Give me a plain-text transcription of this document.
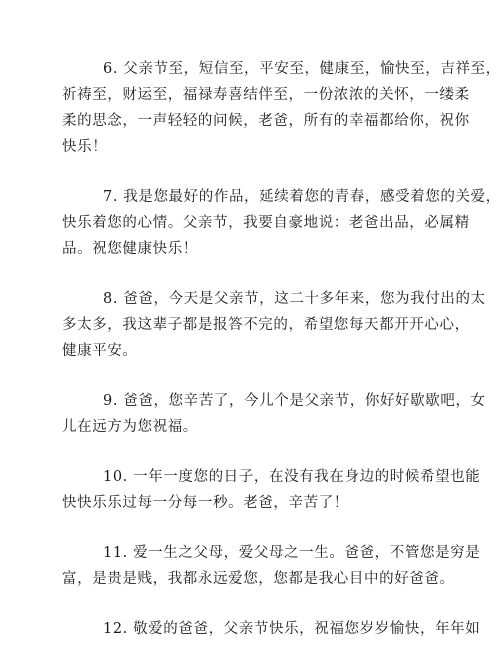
6. 父亲节至，短信至，平安至，健康至，愉快至，吉祥至，
祈祷至，财运至，福禄寿喜结伴至，一份浓浓的关怀，一缕柔
柔的思念，一声轻轻的问候，老爸，所有的幸福都给你，祝你
快乐！
7. 我是您最好的作品，延续着您的青春，感受着您的关爱，
快乐着您的心情。父亲节，我要自豪地说：老爸出品，必属精
品。祝您健康快乐！
8. 爸爸，今天是父亲节，这二十多年来，您为我付出的太
多太多，我这辈子都是报答不完的，希望您每天都开开心心，
健康平安。
9. 爸爸，您辛苦了，今儿个是父亲节，你好好歇歇吧，女
儿在远方为您祝福。
10. 一年一度您的日子，在没有我在身边的时候希望也能
快快乐乐过每一分每一秒。老爸，辛苦了！
11. 爱一生之父母，爱父母之一生。爸爸，不管您是穷是
富，是贵是贱，我都永远爱您，您都是我心目中的好爸爸。
12. 敬爱的爸爸，父亲节快乐，祝福您岁岁愉快，年年如
